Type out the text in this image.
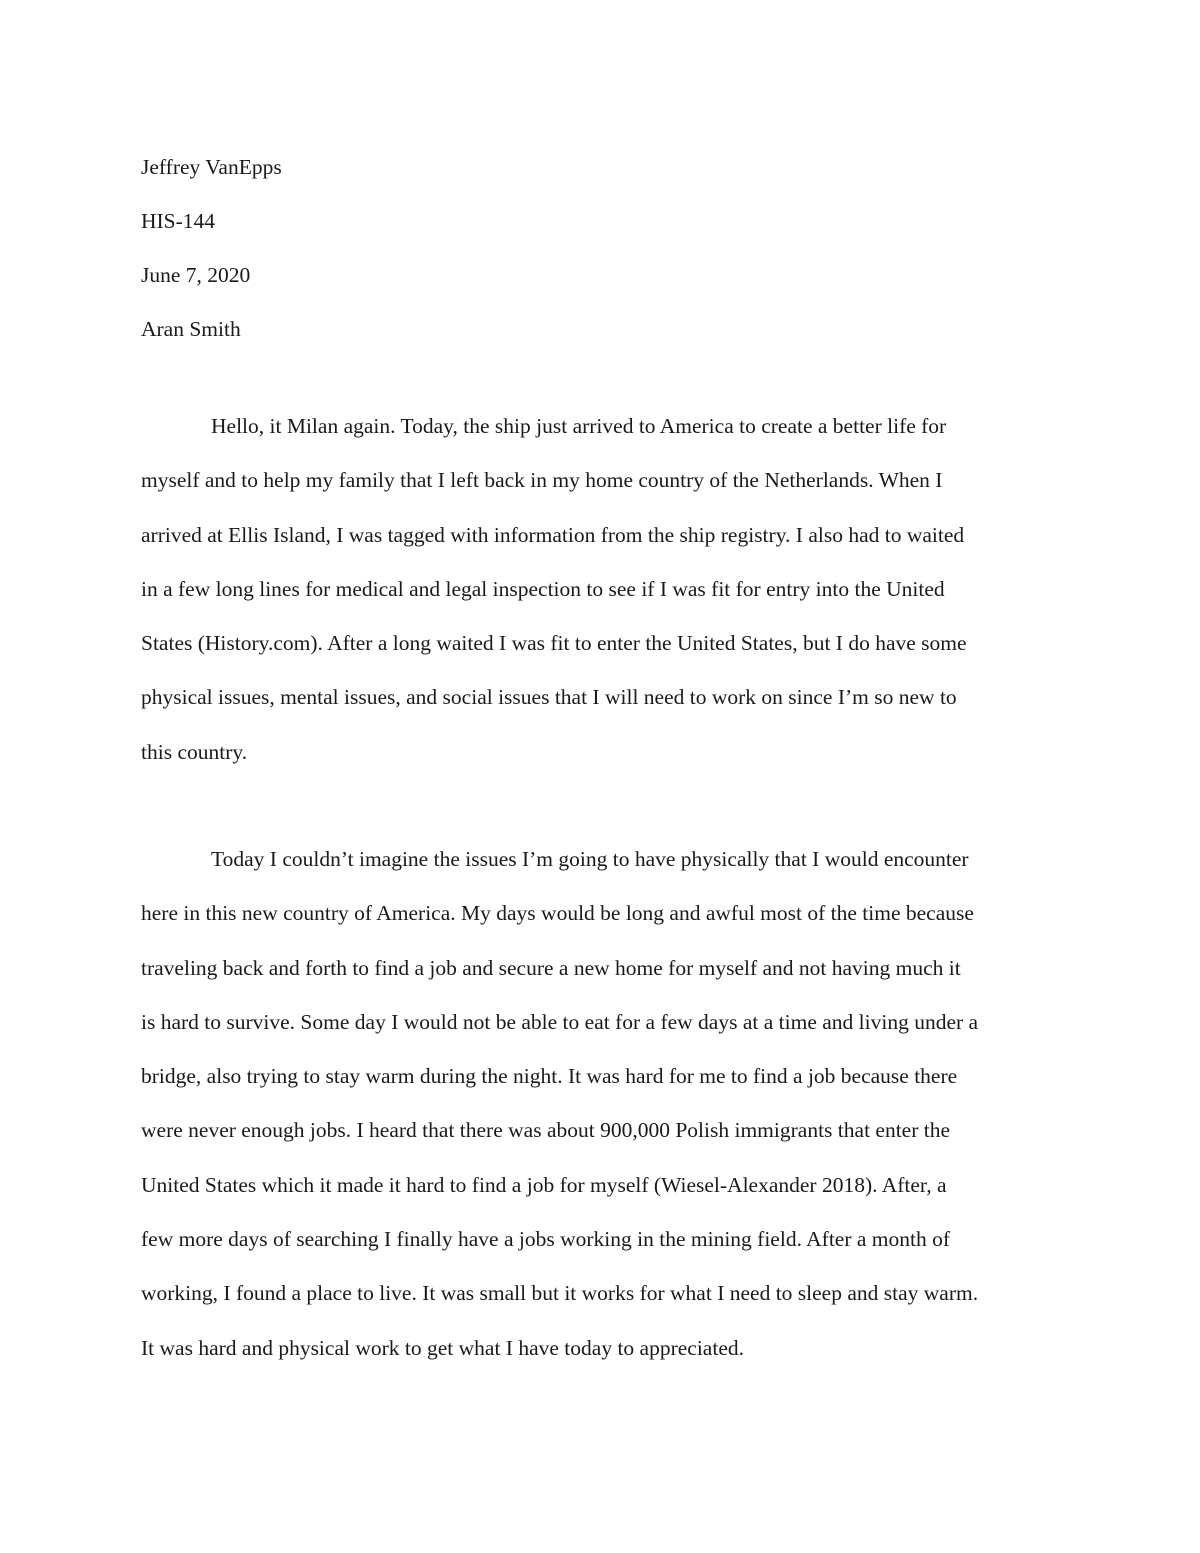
Jeffrey VanEpps
HIS-144
June 7, 2020
Aran Smith
Hello, it Milan again. Today, the ship just arrived to America to create a better life for
myself and to help my family that I left back in my home country of the Netherlands. When I
arrived at Ellis Island, I was tagged with information from the ship registry. I also had to waited
in a few long lines for medical and legal inspection to see if I was fit for entry into the United
States (History.com). After a long waited I was fit to enter the United States, but I do have some
physical issues, mental issues, and social issues that I will need to work on since I’m so new to
this country.
Today I couldn’t imagine the issues I’m going to have physically that I would encounter
here in this new country of America. My days would be long and awful most of the time because
traveling back and forth to find a job and secure a new home for myself and not having much it
is hard to survive. Some day I would not be able to eat for a few days at a time and living under a
bridge, also trying to stay warm during the night. It was hard for me to find a job because there
were never enough jobs. I heard that there was about 900,000 Polish immigrants that enter the
United States which it made it hard to find a job for myself (Wiesel-Alexander 2018). After, a
few more days of searching I finally have a jobs working in the mining field. After a month of
working, I found a place to live. It was small but it works for what I need to sleep and stay warm.
It was hard and physical work to get what I have today to appreciated.
